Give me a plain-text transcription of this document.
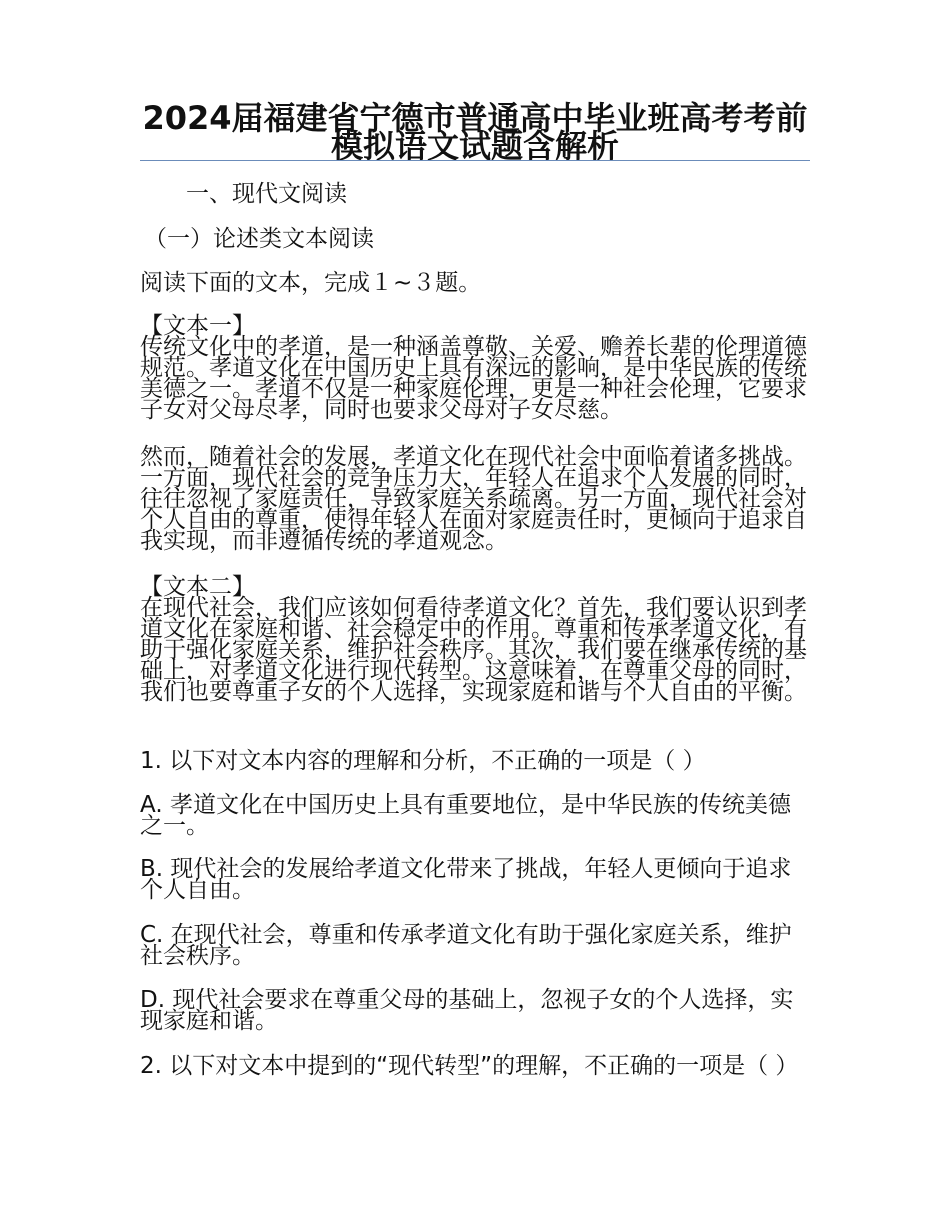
2024届福建省宁德市普通高中毕业班高考考前模拟语文试题含解析
一、现代文阅读
（一）论述类文本阅读
阅读下面的文本，完成１~３题。
【文本一】
传统文化中的孝道，是一种涵盖尊敬、关爱、赡养长辈的伦理道德规范。孝道文化在中国历史上具有深远的影响，是中华民族的传统美德之一。孝道不仅是一种家庭伦理，更是一种社会伦理，它要求子女对父母尽孝，同时也要求父母对子女尽慈。
然而，随着社会的发展，孝道文化在现代社会中面临着诸多挑战。一方面，现代社会的竞争压力大，年轻人在追求个人发展的同时，往往忽视了家庭责任，导致家庭关系疏离。另一方面，现代社会对个人自由的尊重，使得年轻人在面对家庭责任时，更倾向于追求自我实现，而非遵循传统的孝道观念。
【文本二】
在现代社会，我们应该如何看待孝道文化？首先，我们要认识到孝道文化在家庭和谐、社会稳定中的作用。尊重和传承孝道文化，有助于强化家庭关系，维护社会秩序。其次，我们要在继承传统的基础上，对孝道文化进行现代转型。这意味着，在尊重父母的同时，我们也要尊重子女的个人选择，实现家庭和谐与个人自由的平衡。
1. 以下对文本内容的理解和分析，不正确的一项是（ ）
A. 孝道文化在中国历史上具有重要地位，是中华民族的传统美德之一。
B. 现代社会的发展给孝道文化带来了挑战，年轻人更倾向于追求个人自由。
C. 在现代社会，尊重和传承孝道文化有助于强化家庭关系，维护社会秩序。
D. 现代社会要求在尊重父母的基础上，忽视子女的个人选择，实现家庭和谐。
2. 以下对文本中提到的“现代转型”的理解，不正确的一项是（ ）
